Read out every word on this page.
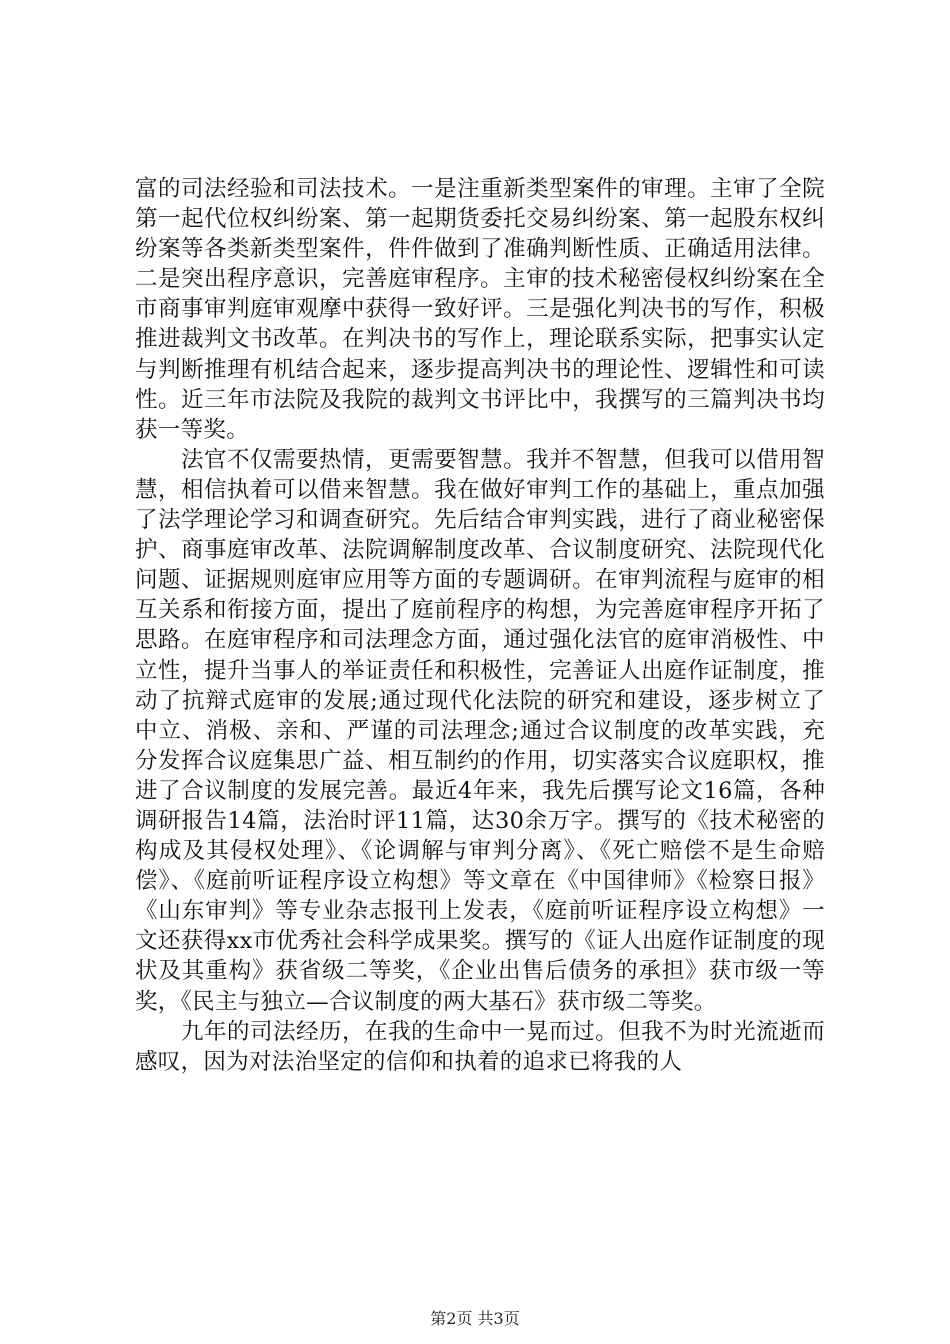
富的司法经验和司法技术。一是注重新类型案件的审理。主审了全院第一起代位权纠纷案、第一起期货委托交易纠纷案、第一起股东权纠纷案等各类新类型案件，件件做到了准确判断性质、正确适用法律。二是突出程序意识，完善庭审程序。主审的技术秘密侵权纠纷案在全市商事审判庭审观摩中获得一致好评。三是强化判决书的写作，积极推进裁判文书改革。在判决书的写作上，理论联系实际，把事实认定与判断推理有机结合起来，逐步提高判决书的理论性、逻辑性和可读性。近三年市法院及我院的裁判文书评比中，我撰写的三篇判决书均获一等奖。

法官不仅需要热情，更需要智慧。我并不智慧，但我可以借用智慧，相信执着可以借来智慧。我在做好审判工作的基础上，重点加强了法学理论学习和调查研究。先后结合审判实践，进行了商业秘密保护、商事庭审改革、法院调解制度改革、合议制度研究、法院现代化问题、证据规则庭审应用等方面的专题调研。在审判流程与庭审的相互关系和衔接方面，提出了庭前程序的构想，为完善庭审程序开拓了思路。在庭审程序和司法理念方面，通过强化法官的庭审消极性、中立性，提升当事人的举证责任和积极性，完善证人出庭作证制度，推动了抗辩式庭审的发展;通过现代化法院的研究和建设，逐步树立了中立、消极、亲和、严谨的司法理念;通过合议制度的改革实践，充分发挥合议庭集思广益、相互制约的作用，切实落实合议庭职权，推进了合议制度的发展完善。最近4年来，我先后撰写论文16篇，各种调研报告14篇，法治时评11篇，达30余万字。撰写的《技术秘密的构成及其侵权处理》、《论调解与审判分离》、《死亡赔偿不是生命赔偿》、《庭前听证程序设立构想》等文章在《中国律师》《检察日报》《山东审判》等专业杂志报刊上发表，《庭前听证程序设立构想》一文还获得xx市优秀社会科学成果奖。撰写的《证人出庭作证制度的现状及其重构》获省级二等奖，《企业出售后债务的承担》获市级一等奖，《民主与独立—合议制度的两大基石》获市级二等奖。

九年的司法经历，在我的生命中一晃而过。但我不为时光流逝而感叹，因为对法治坚定的信仰和执着的追求已将我的人

第2页 共3页
